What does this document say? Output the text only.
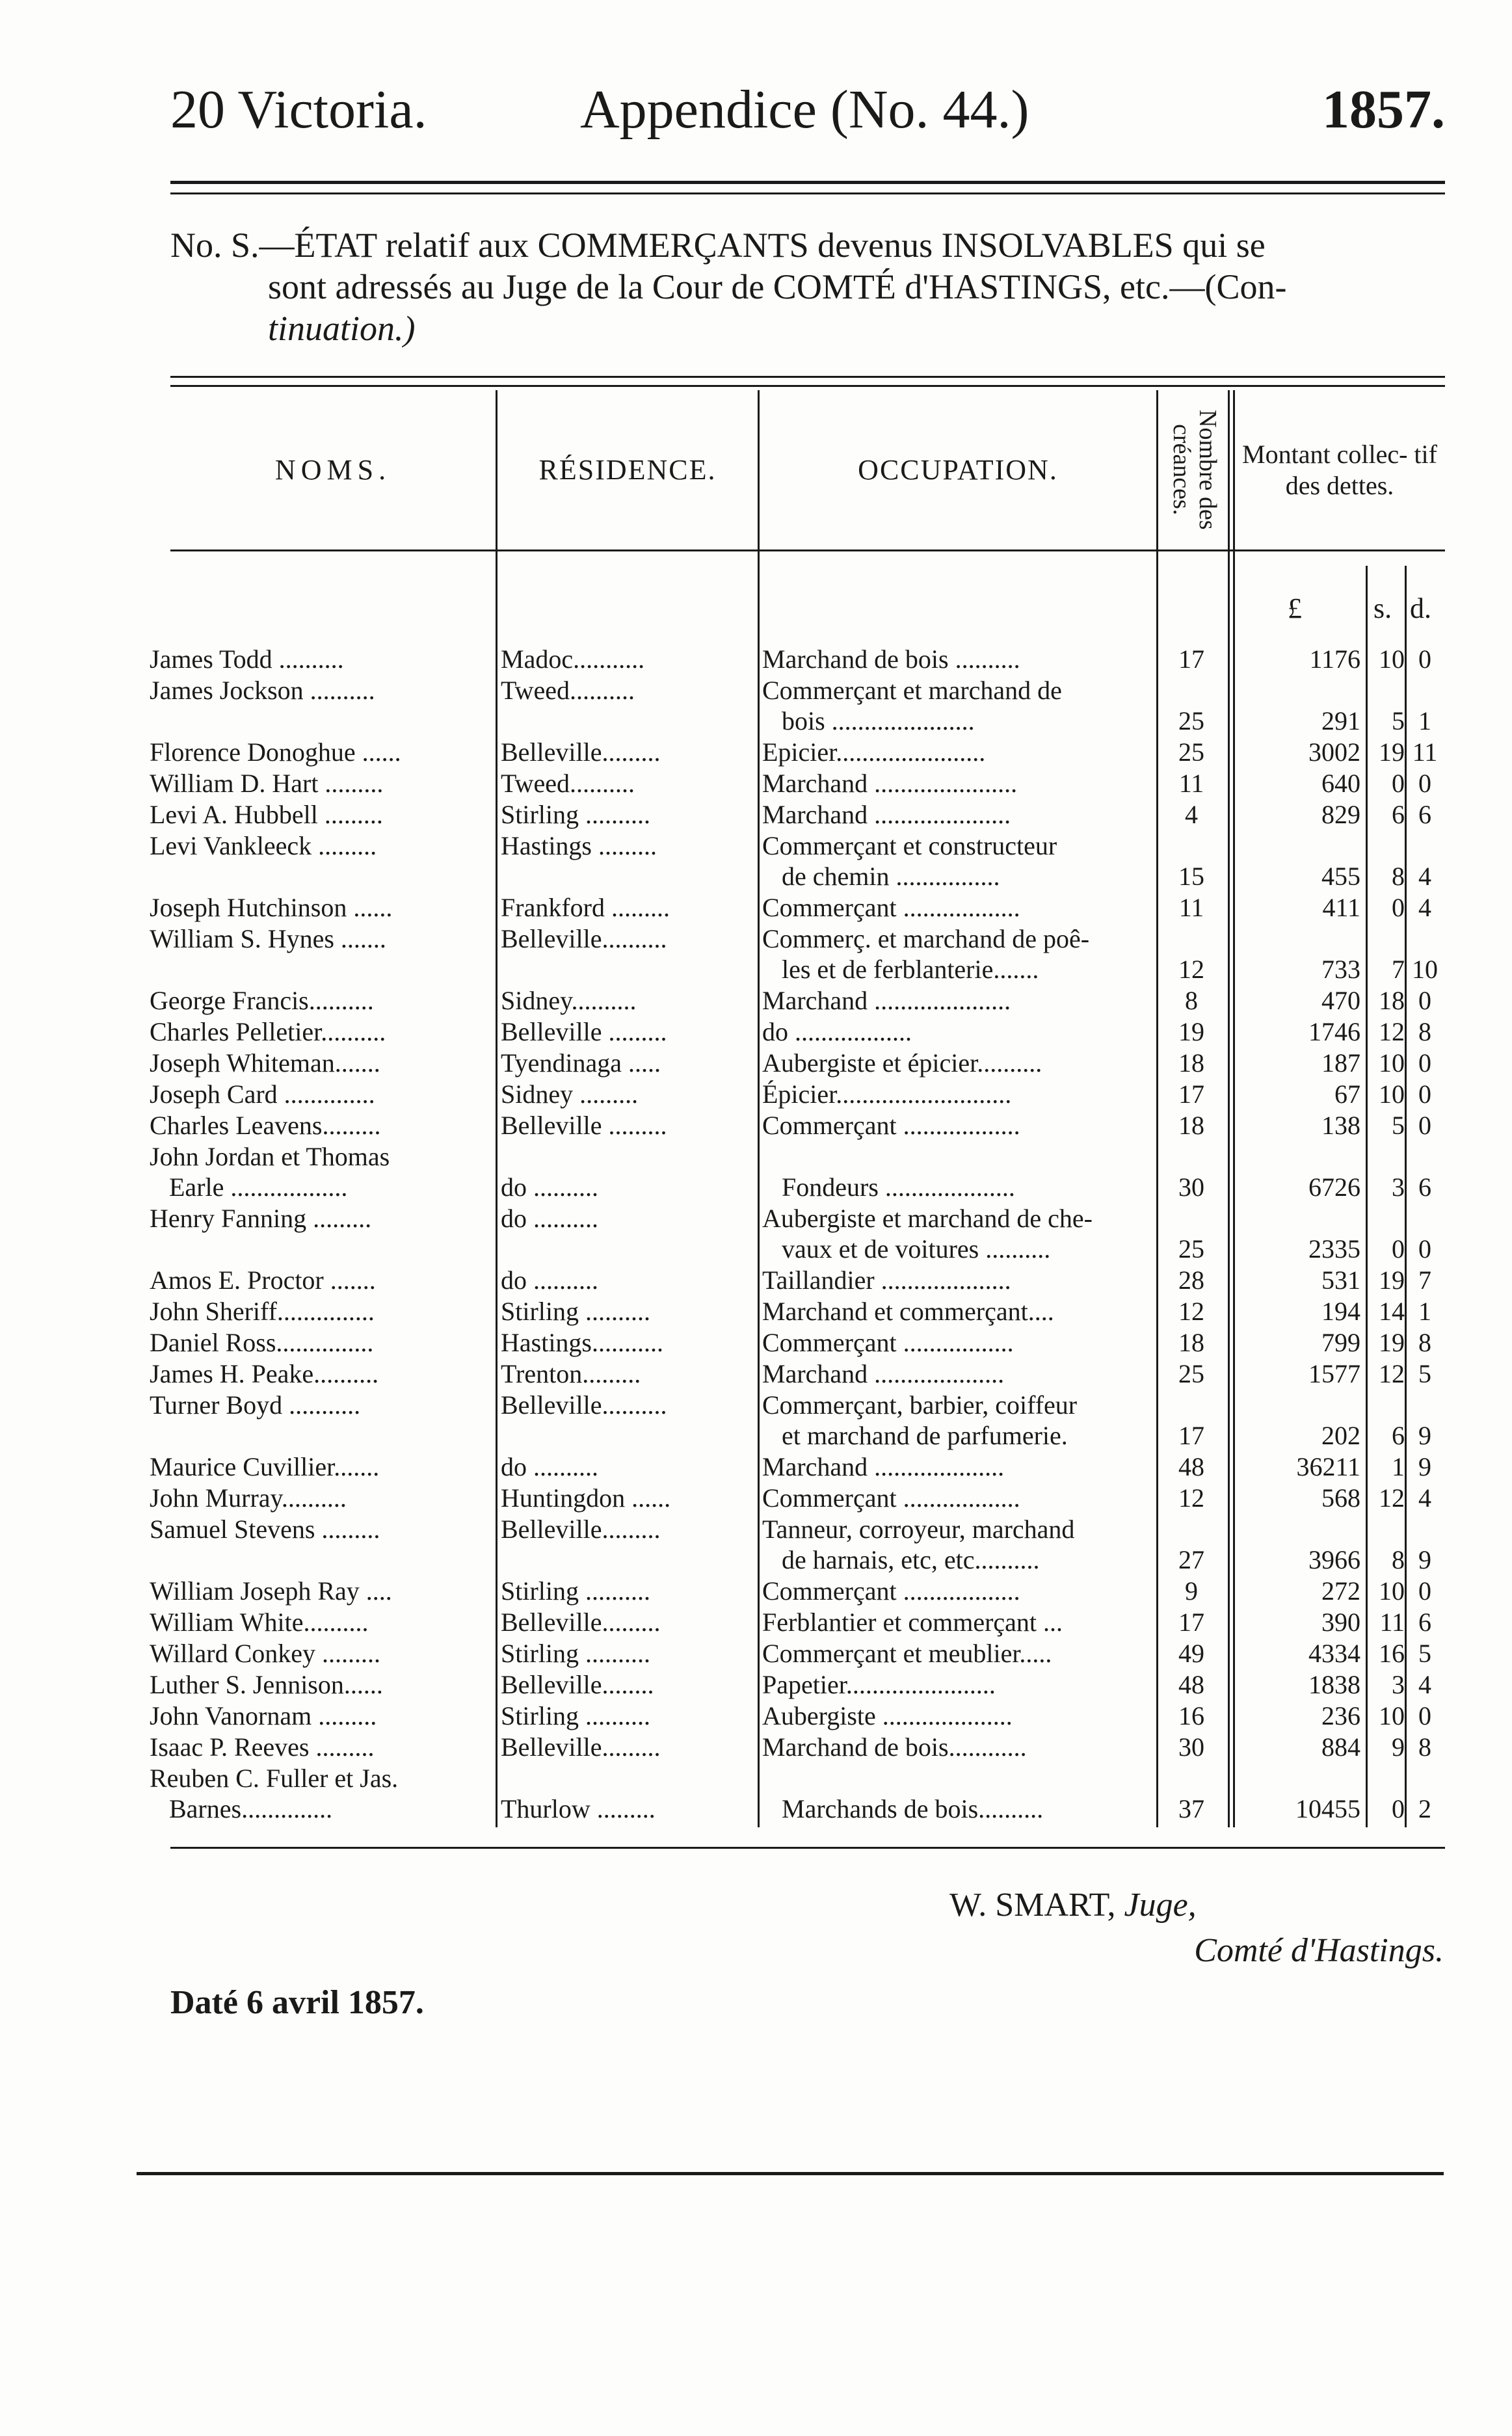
20 Victoria.	Appendice (No. 44.)	1857.
No. S.—ÉTAT relatif aux COMMERÇANTS devenus INSOLVABLES qui se
sont adressés au Juge de la Cour de COMTÉ d'HASTINGS, etc.—(Con-
tinuation.)
NOMS.	RÉSIDENCE.	OCCUPATION.	Nombre des créances.	Montant collec- tif des dettes.
£	s. d.
James Todd ..........	Madoc...........	Marchand de bois ..........	17	1176 10 0
James Jockson ..........	Tweed..........	Commerçant et marchand de
bois ......................	25	291	5 1
Florence Donoghue ......	Belleville.........	Epicier.......................	25	3002 19 11
William D. Hart .........	Tweed..........	Marchand ......................	11	640	0 0
Levi A. Hubbell .........	Stirling ..........	Marchand .....................	4	829	6 6
Levi Vankleeck .........	Hastings .........	Commerçant et constructeur
de chemin ................	15	455	8 4
Joseph Hutchinson ......	Frankford .........	Commerçant ..................	11	411	0 4
William S. Hynes .......	Belleville..........	Commerç. et marchand de poê-
les et de ferblanterie.......	12	733	7 10
George Francis..........	Sidney..........	Marchand .....................	8	470 18 0
Charles Pelletier..........	Belleville .........	do ..................	19	1746 12 8
Joseph Whiteman.......	Tyendinaga .....	Aubergiste et épicier..........	18	187 10 0
Joseph Card ..............	Sidney .........	Épicier...........................	17	67 10 0
Charles Leavens.........	Belleville .........	Commerçant ..................	18	138	5 0
John Jordan et Thomas
Earle ..................	do ..........	Fondeurs ....................	30	6726	3 6
Henry Fanning .........	do ..........	Aubergiste et marchand de che-
vaux et de voitures ..........	25	2335	0 0
Amos E. Proctor .......	do ..........	Taillandier ....................	28	531 19 7
John Sheriff...............	Stirling ..........	Marchand et commerçant....	12	194 14 1
Daniel Ross...............	Hastings...........	Commerçant .................	18	799 19 8
James H. Peake..........	Trenton.........	Marchand ....................	25	1577 12 5
Turner Boyd ...........	Belleville..........	Commerçant, barbier, coiffeur
et marchand de parfumerie.	17	202	6 9
Maurice Cuvillier.......	do ..........	Marchand ....................	48	36211	1 9
John Murray..........	Huntingdon ......	Commerçant ..................	12	568 12 4
Samuel Stevens .........	Belleville.........	Tanneur, corroyeur, marchand
de harnais, etc, etc..........	27	3966	8 9
William Joseph Ray ....	Stirling ..........	Commerçant ..................	9	272 10 0
William White..........	Belleville.........	Ferblantier et commerçant ...	17	390 11 6
Willard Conkey .........	Stirling ..........	Commerçant et meublier.....	49	4334 16 5
Luther S. Jennison......	Belleville........	Papetier.......................	48	1838	3 4
John Vanornam .........	Stirling ..........	Aubergiste ....................	16	236 10 0
Isaac P. Reeves .........	Belleville.........	Marchand de bois............	30	884	9 8
Reuben C. Fuller et Jas.
Barnes..............	Thurlow .........	Marchands de bois..........	37	10455	0 2
W. SMART, Juge,
Comté d'Hastings.
Daté 6 avril 1857.
